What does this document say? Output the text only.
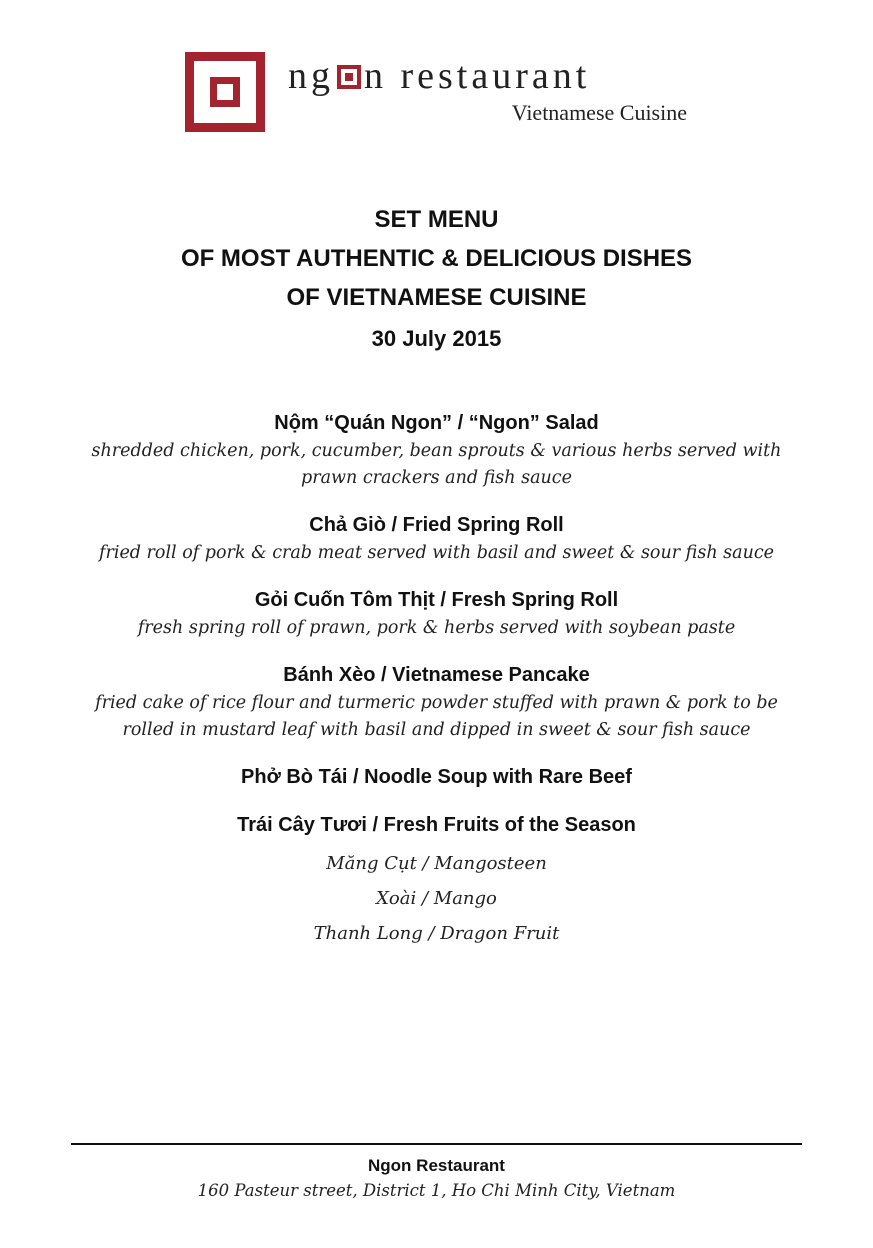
ng n restaurant
Vietnamese Cuisine
SET MENU
OF MOST AUTHENTIC & DELICIOUS DISHES
OF VIETNAMESE CUISINE
30 July 2015
Nộm “Quán Ngon” / “Ngon” Salad
shredded chicken, pork, cucumber, bean sprouts & various herbs served with
prawn crackers and fish sauce
Chả Giò / Fried Spring Roll
fried roll of pork & crab meat served with basil and sweet & sour fish sauce
Gỏi Cuốn Tôm Thịt / Fresh Spring Roll
fresh spring roll of prawn, pork & herbs served with soybean paste
Bánh Xèo / Vietnamese Pancake
fried cake of rice flour and turmeric powder stuffed with prawn & pork to be
rolled in mustard leaf with basil and dipped in sweet & sour fish sauce
Phở Bò Tái / Noodle Soup with Rare Beef
Trái Cây Tươi / Fresh Fruits of the Season
Măng Cụt / Mangosteen
Xoài / Mango
Thanh Long / Dragon Fruit
Ngon Restaurant
160 Pasteur street, District 1, Ho Chi Minh City, Vietnam
